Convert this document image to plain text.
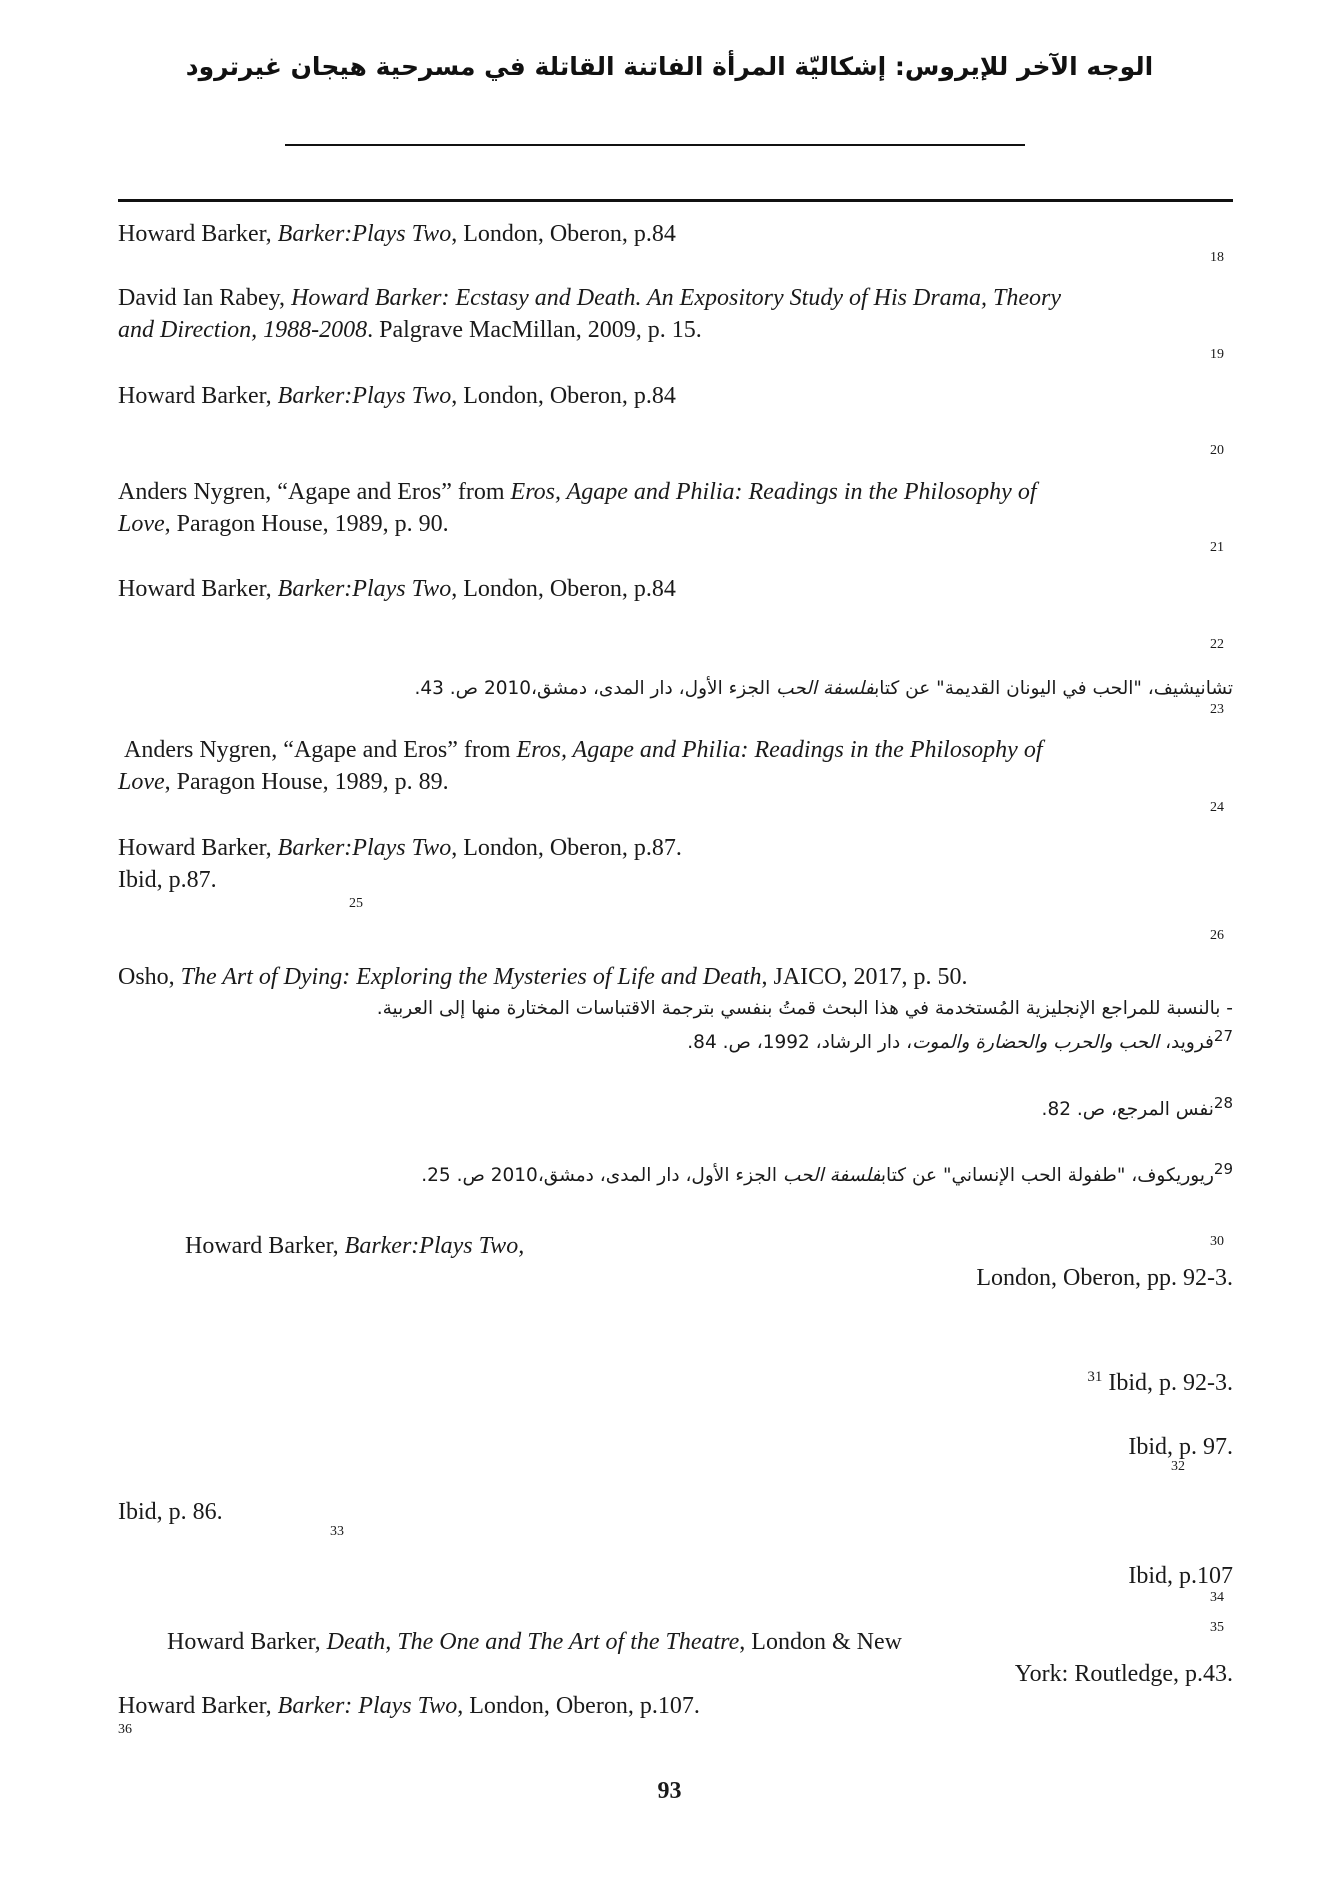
الوجه الآخر للإيروس: إشكاليّة المرأة الفاتنة القاتلة في مسرحية هيجان غيرترود
Howard Barker, Barker:Plays Two, London, Oberon, p.84
18
David Ian Rabey, Howard Barker: Ecstasy and Death. An Expository Study of His Drama, Theory
and Direction, 1988-2008. Palgrave MacMillan, 2009, p. 15.
19
Howard Barker, Barker:Plays Two, London, Oberon, p.84
20
Anders Nygren, “Agape and Eros” from Eros, Agape and Philia: Readings in the Philosophy of
Love, Paragon House, 1989, p. 90.
21
Howard Barker, Barker:Plays Two, London, Oberon, p.84
22
تشانيشيف، "الحب في اليونان القديمة" عن كتابفلسفة الحب الجزء الأول، دار المدى، دمشق،2010 ص. 43.
23
Anders Nygren, “Agape and Eros” from Eros, Agape and Philia: Readings in the Philosophy of
Love, Paragon House, 1989, p. 89.
24
Howard Barker, Barker:Plays Two, London, Oberon, p.87.
Ibid, p.87.
25
26
Osho, The Art of Dying: Exploring the Mysteries of Life and Death, JAICO, 2017, p. 50.
- بالنسبة للمراجع الإنجليزية المُستخدمة في هذا البحث قمتُ بنفسي بترجمة الاقتباسات المختارة منها إلى العربية.
$^{27}$فرويد، الحب والحرب والحضارة والموت، دار الرشاد، 1992، ص. 84.
$^{28}$نفس المرجع، ص. 82.
$^{29}$ريوريكوف، "طفولة الحب الإنساني" عن كتابفلسفة الحب الجزء الأول، دار المدى، دمشق،2010 ص. 25.
30
Howard Barker, Barker:Plays Two,
London, Oberon, pp. 92-3.
$^{31}$ Ibid, p. 92-3.
Ibid, p. 97.
32
Ibid, p. 86.
33
Ibid, p.107
34
35
Howard Barker, Death, The One and The Art of the Theatre, London & New
York: Routledge, p.43.
Howard Barker, Barker: Plays Two, London, Oberon, p.107.
36
93
